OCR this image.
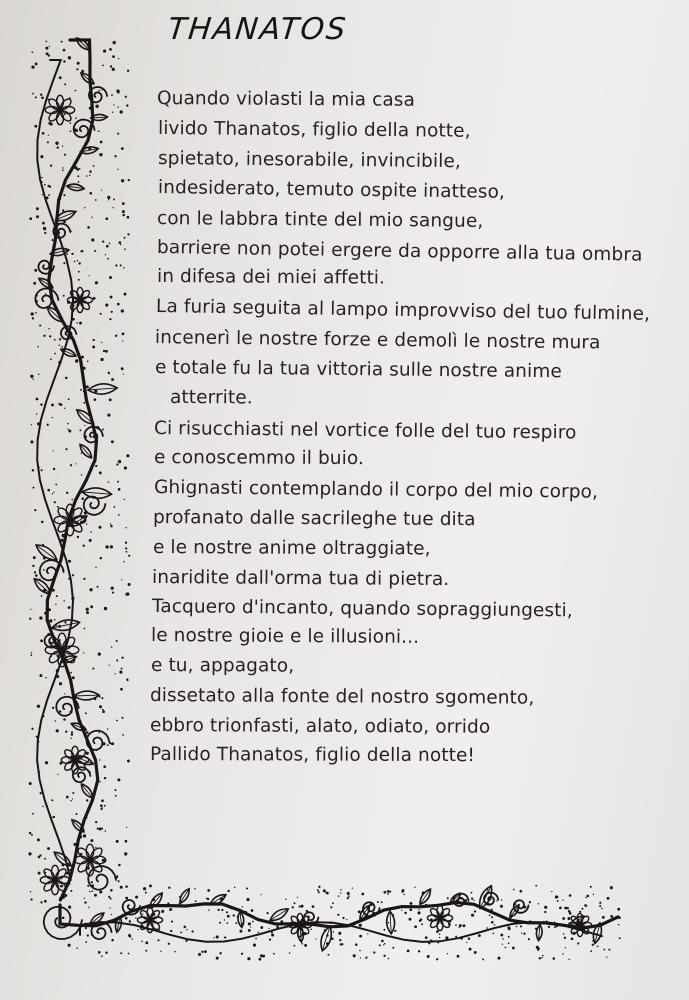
THANATOS
Quando violasti la mia casa
livido Thanatos, figlio della notte,
spietato, inesorabile, invincibile,
indesiderato, temuto ospite inatteso,
con le labbra tinte del mio sangue,
barriere non potei ergere da opporre alla tua ombra
in difesa dei miei affetti.
La furia seguita al lampo improvviso del tuo fulmine,
incenerì le nostre forze e demolì le nostre mura
e totale fu la tua vittoria sulle nostre anime
atterrite.
Ci risucchiasti nel vortice folle del tuo respiro
e conoscemmo il buio.
Ghignasti contemplando il corpo del mio corpo,
profanato dalle sacrileghe tue dita
e le nostre anime oltraggiate,
inaridite dall'orma tua di pietra.
Tacquero d'incanto, quando sopraggiungesti,
le nostre gioie e le illusioni...
e tu, appagato,
dissetato alla fonte del nostro sgomento,
ebbro trionfasti, alato, odiato, orrido
Pallido Thanatos, figlio della notte!
